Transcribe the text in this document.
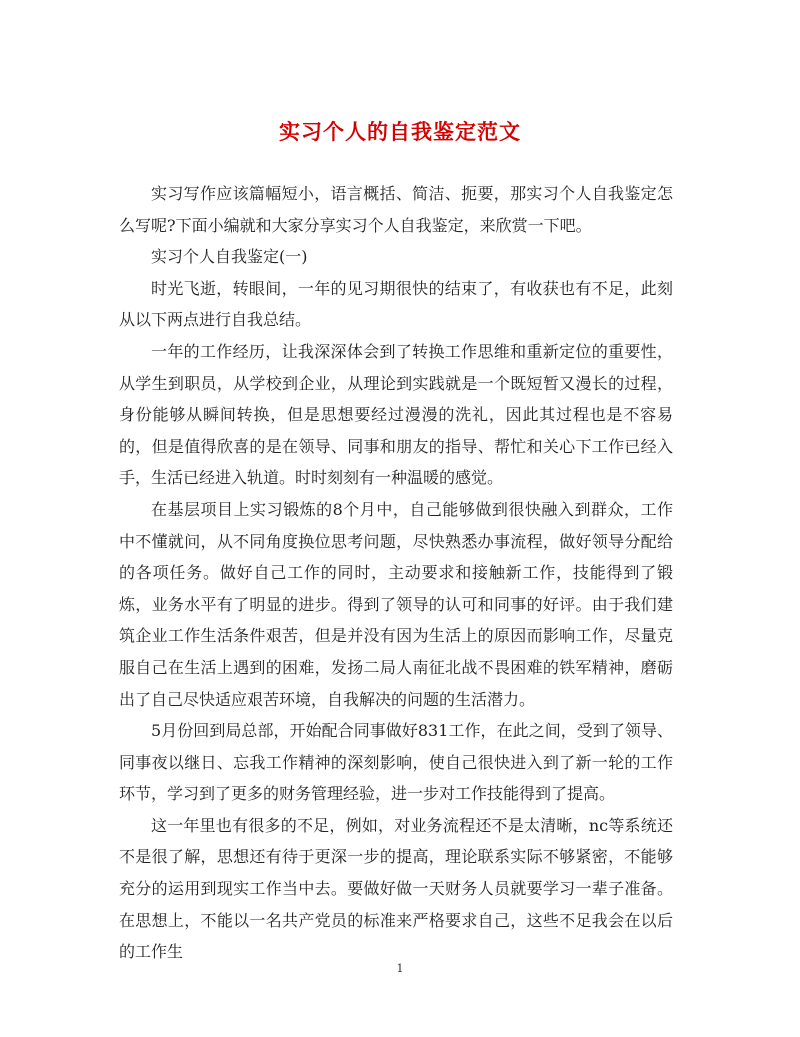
实习个人的自我鉴定范文

实习写作应该篇幅短小，语言概括、简洁、扼要，那实习个人自我鉴定怎么写呢?下面小编就和大家分享实习个人自我鉴定，来欣赏一下吧。

实习个人自我鉴定(一)

时光飞逝，转眼间，一年的见习期很快的结束了，有收获也有不足，此刻从以下两点进行自我总结。

一年的工作经历，让我深深体会到了转换工作思维和重新定位的重要性，从学生到职员，从学校到企业，从理论到实践就是一个既短暂又漫长的过程，身份能够从瞬间转换，但是思想要经过漫漫的洗礼，因此其过程也是不容易的，但是值得欣喜的是在领导、同事和朋友的指导、帮忙和关心下工作已经入手，生活已经进入轨道。时时刻刻有一种温暖的感觉。

在基层项目上实习锻炼的8个月中，自己能够做到很快融入到群众，工作中不懂就问，从不同角度换位思考问题，尽快熟悉办事流程，做好领导分配给的各项任务。做好自己工作的同时，主动要求和接触新工作，技能得到了锻炼，业务水平有了明显的进步。得到了领导的认可和同事的好评。由于我们建筑企业工作生活条件艰苦，但是并没有因为生活上的原因而影响工作，尽量克服自己在生活上遇到的困难，发扬二局人南征北战不畏困难的铁军精神，磨砺出了自己尽快适应艰苦环境，自我解决的问题的生活潜力。

5月份回到局总部，开始配合同事做好831工作，在此之间，受到了领导、同事夜以继日、忘我工作精神的深刻影响，使自己很快进入到了新一轮的工作环节，学习到了更多的财务管理经验，进一步对工作技能得到了提高。

这一年里也有很多的不足，例如，对业务流程还不是太清晰，nc等系统还不是很了解，思想还有待于更深一步的提高，理论联系实际不够紧密，不能够充分的运用到现实工作当中去。要做好做一天财务人员就要学习一辈子准备。在思想上，不能以一名共产党员的标准来严格要求自己，这些不足我会在以后的工作生

1
